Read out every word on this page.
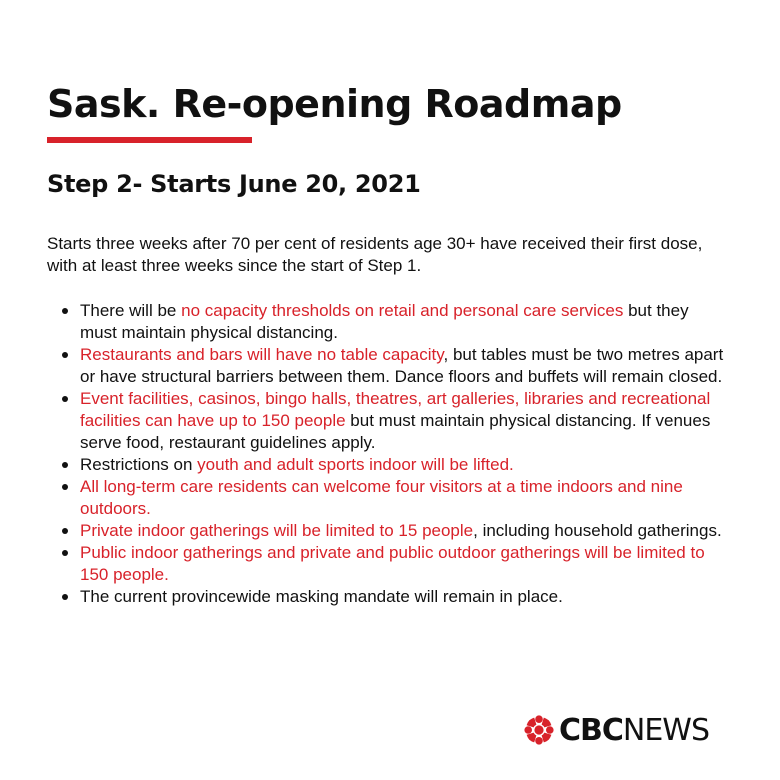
Sask. Re-opening Roadmap
Step 2- Starts June 20, 2021

Starts three weeks after 70 per cent of residents age 30+ have received their first dose, with at least three weeks since the start of Step 1.

There will be no capacity thresholds on retail and personal care services but they must maintain physical distancing.
Restaurants and bars will have no table capacity, but tables must be two metres apart or have structural barriers between them. Dance floors and buffets will remain closed.
Event facilities, casinos, bingo halls, theatres, art galleries, libraries and recreational facilities can have up to 150 people but must maintain physical distancing. If venues serve food, restaurant guidelines apply.
Restrictions on youth and adult sports indoor will be lifted.
All long-term care residents can welcome four visitors at a time indoors and nine outdoors.
Private indoor gatherings will be limited to 15 people, including household gatherings.
Public indoor gatherings and private and public outdoor gatherings will be limited to 150 people.
The current provincewide masking mandate will remain in place.
CBC NEWS
